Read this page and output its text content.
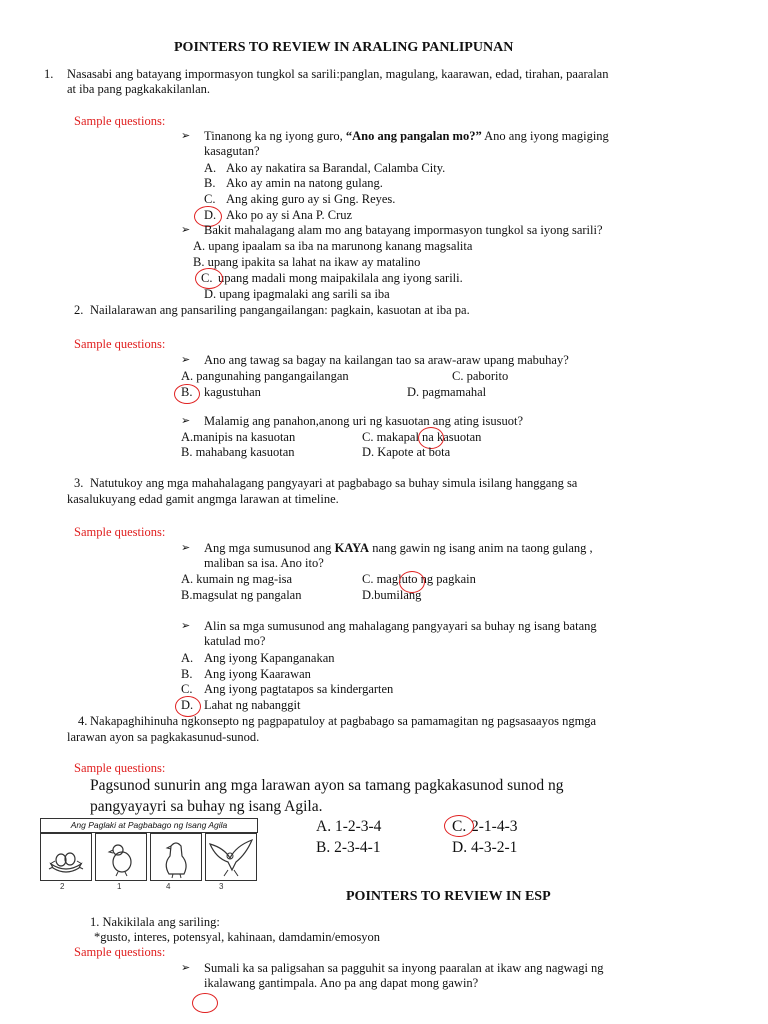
POINTERS TO REVIEW IN ARALING PANLIPUNAN
1. Nasasabi ang batayang impormasyon tungkol sa sarili:panglan, magulang, kaarawan, edad, tirahan, paaralan
at iba pang pagkakakilanlan.
Sample questions:
➢ Tinanong ka ng iyong guro, “Ano ang pangalan mo?” Ano ang iyong magiging
kasagutan?
A. Ako ay nakatira sa Barandal, Calamba City.
B. Ako ay amin na natong gulang.
C. Ang aking guro ay si Gng. Reyes.
D. Ako po ay si Ana P. Cruz
➢ Bakit mahalagang alam mo ang batayang impormasyon tungkol sa iyong sarili?
A. upang ipaalam sa iba na marunong kanang magsalita
B. upang ipakita sa lahat na ikaw ay matalino
C. upang madali mong maipakilala ang iyong sarili.
D. upang ipagmalaki ang sarili sa iba
2. Nailalarawan ang pansariling pangangailangan: pagkain, kasuotan at iba pa.
Sample questions:
➢ Ano ang tawag sa bagay na kailangan tao sa araw-araw upang mabuhay?
A. pangunahing pangangailangan	C. paborito
B. kagustuhan	D. pagmamahal
➢ Malamig ang panahon,anong uri ng kasuotan ang ating isusuot?
A.manipis na kasuotan	C. makapal na kasuotan
B. mahabang kasuotan	D. Kapote at bota
3. Natutukoy ang mga mahahalagang pangyayari at pagbabago sa buhay simula isilang hanggang sa
kasalukuyang edad gamit angmga larawan at timeline.
Sample questions:
➢ Ang mga sumusunod ang KAYA nang gawin ng isang anim na taong gulang ,
maliban sa isa. Ano ito?
A. kumain ng mag-isa	C. magluto ng pagkain
B.magsulat ng pangalan	D.bumilang
➢ Alin sa mga sumusunod ang mahalagang pangyayari sa buhay ng isang batang
katulad mo?
A. Ang iyong Kapanganakan
B. Ang iyong Kaarawan
C. Ang iyong pagtatapos sa kindergarten
D. Lahat ng nabanggit
4. Nakapaghihinuha ngkonsepto ng pagpapatuloy at pagbabago sa pamamagitan ng pagsasaayos ngmga
larawan ayon sa pagkakasunud-sunod.
Sample questions:
Pagsunod sunurin ang mga larawan ayon sa tamang pagkakasunod sunod ng
pangyayayri sa buhay ng isang Agila.
Ang Paglaki at Pagbabago ng Isang Agila
2	1	4	3
A. 1-2-3-4	C. 2-1-4-3
B. 2-3-4-1	D. 4-3-2-1
POINTERS TO REVIEW IN ESP
1. Nakikilala ang sariling:
*gusto, interes, potensyal, kahinaan, damdamin/emosyon
Sample questions:
➢ Sumali ka sa paligsahan sa pagguhit sa inyong paaralan at ikaw ang nagwagi ng
ikalawang gantimpala. Ano pa ang dapat mong gawin?
